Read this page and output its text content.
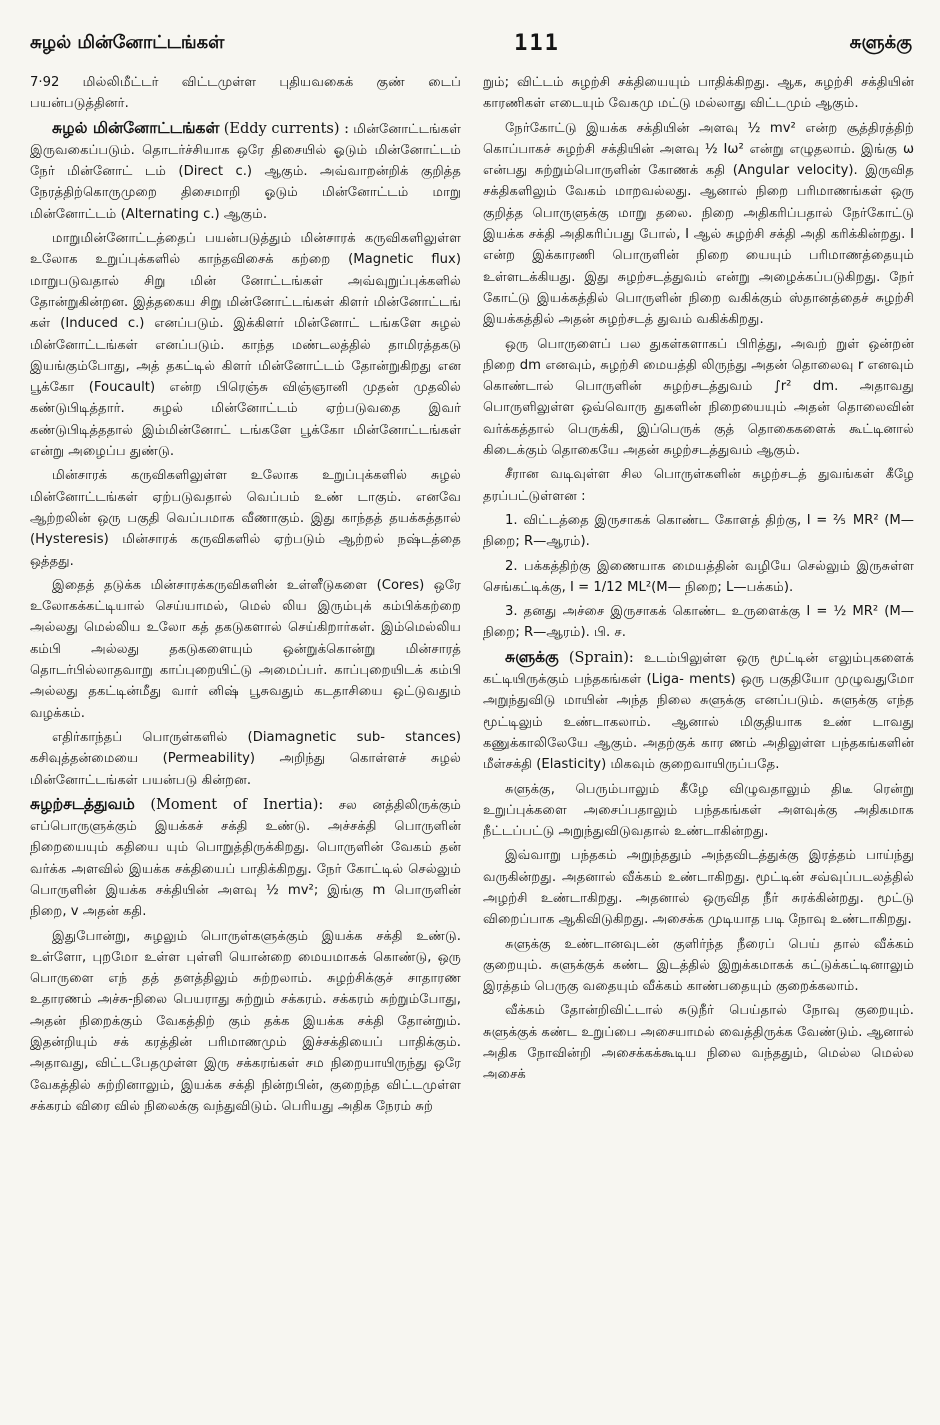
சுழல் மின்னோட்டங்கள்	111	சுளுக்கு

7·92 மில்லிமீட்டர் விட்டமுள்ள புதியவகைக் குண் டைப் பயன்படுத்தினர்.

சுழல் மின்னோட்டங்கள் (Eddy currents) : மின்னோட்டங்கள் இருவகைப்படும். தொடர்ச்சியாக ஒரே திசையில் ஓடும் மின்னோட்டம் நேர் மின்னோட் டம் (Direct c.) ஆகும். அவ்வாறன்றிக் குறித்த நேரத்திற்கொருமுறை திசைமாறி ஓடும் மின்னோட்டம் மாறு மின்னோட்டம் (Alternating c.) ஆகும்.

மாறுமின்னோட்டத்தைப் பயன்படுத்தும் மின்சாரக் கருவிகளிலுள்ள உலோக உறுப்புக்களில் காந்தவிசைக் கற்றை (Magnetic flux) மாறுபடுவதால் சிறு மின் னோட்டங்கள் அவ்வுறுப்புக்களில் தோன்றுகின்றன. இத்தகைய சிறு மின்னோட்டங்கள் கிளர் மின்னோட்டங் கள் (Induced c.) எனப்படும். இக்கிளர் மின்னோட் டங்களே சுழல் மின்னோட்டங்கள் எனப்படும். காந்த மண்டலத்தில் தாமிரத்தகடு இயங்கும்போது, அத் தகட்டில் கிளர் மின்னோட்டம் தோன்றுகிறது என பூக்கோ (Foucault) என்ற பிரெஞ்சு விஞ்ஞானி முதன் முதலில் கண்டுபிடித்தார். சுழல் மின்னோட்டம் ஏற்படுவதை இவர் கண்டுபிடித்ததால் இம்மின்னோட் டங்களே பூக்கோ மின்னோட்டங்கள் என்று அழைப்ப துண்டு.

மின்சாரக் கருவிகளிலுள்ள உலோக உறுப்புக்களில் சுழல் மின்னோட்டங்கள் ஏற்படுவதால் வெப்பம் உண் டாகும். எனவே ஆற்றலின் ஒரு பகுதி வெப்பமாக வீணாகும். இது காந்தத் தயக்கத்தால் (Hysteresis) மின்சாரக் கருவிகளில் ஏற்படும் ஆற்றல் நஷ்டத்தை ஒத்தது.

இதைத் தடுக்க மின்சாரக்கருவிகளின் உள்ளீடுகளை (Cores) ஒரே உலோகக்கட்டியால் செய்யாமல், மெல் லிய இரும்புக் கம்பிக்கற்றை அல்லது மெல்லிய உலோ கத் தகடுகளால் செய்கிறார்கள். இம்மெல்லிய கம்பி அல்லது தகடுகளையும் ஒன்றுக்கொன்று மின்சாரத் தொடர்பில்லாதவாறு காப்புறையிட்டு அமைப்பர். காப்புறையிடக் கம்பி அல்லது தகட்டின்மீது வார் னிஷ் பூசுவதும் கடதாசியை ஒட்டுவதும் வழக்கம்.

எதிர்காந்தப் பொருள்களில் (Diamagnetic sub- stances) கசிவுத்தன்மையை (Permeability) அறிந்து கொள்ளச் சுழல் மின்னோட்டங்கள் பயன்படு கின்றன.

சுழற்சடத்துவம் (Moment of Inertia): சல னத்திலிருக்கும் எப்பொருளுக்கும் இயக்கச் சக்தி உண்டு. அச்சக்தி பொருளின் நிறையையும் கதியை யும் பொறுத்திருக்கிறது. பொருளின் வேகம் தன் வர்க்க அளவில் இயக்க சக்தியைப் பாதிக்கிறது. நேர் கோட்டில் செல்லும் பொருளின் இயக்க சக்தியின் அளவு ½ mv²; இங்கு m பொருளின் நிறை, v அதன் கதி.

இதுபோன்று, சுழலும் பொருள்களுக்கும் இயக்க சக்தி உண்டு. உள்ளோ, புறமோ உள்ள புள்ளி யொன்றை மையமாகக் கொண்டு, ஒரு பொருளை எந் தத் தளத்திலும் சுற்றலாம். சுழற்சிக்குச் சாதாரண உதாரணம் அச்சு-நிலை பெயராது சுற்றும் சக்கரம். சக்கரம் சுற்றும்போது, அதன் நிறைக்கும் வேகத்திற் கும் தக்க இயக்க சக்தி தோன்றும். இதன்றியும் சக் கரத்தின் பரிமாணமும் இச்சக்தியைப் பாதிக்கும். அதாவது, விட்டபேதமுள்ள இரு சக்கரங்கள் சம நிறையாயிருந்து ஒரே வேகத்தில் சுற்றினாலும், இயக்க சக்தி நின்றபின், குறைந்த விட்டமுள்ள சக்கரம் விரை வில் நிலைக்கு வந்துவிடும். பெரியது அதிக நேரம் சுற்

றும்; விட்டம் சுழற்சி சக்தியையும் பாதிக்கிறது. ஆக, சுழற்சி சக்தியின் காரணிகள் எடையும் வேகமு மட்டு மல்லாது விட்டமும் ஆகும்.

நேர்கோட்டு இயக்க சக்தியின் அளவு ½ mv² என்ற சூத்திரத்திற் கொப்பாகச் சுழற்சி சக்தியின் அளவு ½ Iω² என்று எழுதலாம். இங்கு ω என்பது சுற்றும்பொருளின் கோணக் கதி (Angular velocity). இருவித சக்திகளிலும் வேகம் மாறவல்லது. ஆனால் நிறை பரிமாணங்கள் ஒரு குறித்த பொருளுக்கு மாறு தலை. நிறை அதிகரிப்பதால் நேர்கோட்டு இயக்க சக்தி அதிகரிப்பது போல், I ஆல் சுழற்சி சக்தி அதி கரிக்கின்றது. I என்ற இக்காரணி பொருளின் நிறை யையும் பரிமாணத்தையும் உள்ளடக்கியது. இது சுழற்சடத்துவம் என்று அழைக்கப்படுகிறது. நேர் கோட்டு இயக்கத்தில் பொருளின் நிறை வகிக்கும் ஸ்தானத்தைச் சுழற்சி இயக்கத்தில் அதன் சுழற்சடத் துவம் வகிக்கிறது.

ஒரு பொருளைப் பல துகள்களாகப் பிரித்து, அவற் றுள் ஒன்றன் நிறை dm எனவும், சுழற்சி மையத்தி லிருந்து அதன் தொலைவு r எனவும் கொண்டால் பொருளின் சுழற்சடத்துவம் ∫r² dm. அதாவது பொருளிலுள்ள ஒவ்வொரு துகளின் நிறையையும் அதன் தொலைவின் வர்க்கத்தால் பெருக்கி, இப்பெருக் குத் தொகைகளைக் கூட்டினால் கிடைக்கும் தொகையே அதன் சுழற்சடத்துவம் ஆகும்.

சீரான வடிவுள்ள சில பொருள்களின் சுழற்சடத் துவங்கள் கீழே தரப்பட்டுள்ளன :

1. விட்டத்தை இருசாகக் கொண்ட கோளத் திற்கு, I = ⅖ MR² (M—நிறை; R—ஆரம்).

2. பக்கத்திற்கு இணையாக மையத்தின் வழியே செல்லும் இருசுள்ள செங்கட்டிக்கு, I = 1/12 ML²(M— நிறை; L—பக்கம்).

3. தனது அச்சை இருசாகக் கொண்ட உருளைக்கு I = ½ MR² (M—நிறை; R—ஆரம்). பி. ச.

சுளுக்கு (Sprain): உடம்பிலுள்ள ஒரு மூட்டின் எலும்புகளைக் கட்டியிருக்கும் பந்தகங்கள் (Liga- ments) ஒரு பகுதியோ முழுவதுமோ அறுந்துவிடு மாயின் அந்த நிலை சுளுக்கு எனப்படும். சுளுக்கு எந்த மூட்டிலும் உண்டாகலாம். ஆனால் மிகுதியாக உண் டாவது கணுக்காலிலேயே ஆகும். அதற்குக் கார ணம் அதிலுள்ள பந்தகங்களின் மீள்சக்தி (Elasticity) மிகவும் குறைவாயிருப்பதே.

சுளுக்கு, பெரும்பாலும் கீழே விழுவதாலும் திடீ ரென்று உறுப்புக்களை அசைப்பதாலும் பந்தகங்கள் அளவுக்கு அதிகமாக நீட்டப்பட்டு அறுந்துவிடுவதால் உண்டாகின்றது.

இவ்வாறு பந்தகம் அறுந்ததும் அந்தவிடத்துக்கு இரத்தம் பாய்ந்து வருகின்றது. அதனால் வீக்கம் உண்டாகிறது. மூட்டின் சவ்வுப்படலத்தில் அழற்சி உண்டாகிறது. அதனால் ஒருவித நீர் சுரக்கின்றது. மூட்டு விறைப்பாக ஆகிவிடுகிறது. அசைக்க முடியாத படி நோவு உண்டாகிறது.

சுளுக்கு உண்டானவுடன் குளிர்ந்த நீரைப் பெய் தால் வீக்கம் குறையும். சுளுக்குக் கண்ட இடத்தில் இறுக்கமாகக் கட்டுக்கட்டினாலும் இரத்தம் பெருகு வதையும் வீக்கம் காண்பதையும் குறைக்கலாம்.

வீக்கம் தோன்றிவிட்டால் சுடுநீர் பெய்தால் நோவு குறையும். சுளுக்குக் கண்ட உறுப்பை அசையாமல் வைத்திருக்க வேண்டும். ஆனால் அதிக நோவின்றி அசைக்கக்கூடிய நிலை வந்ததும், மெல்ல மெல்ல அசைக்
